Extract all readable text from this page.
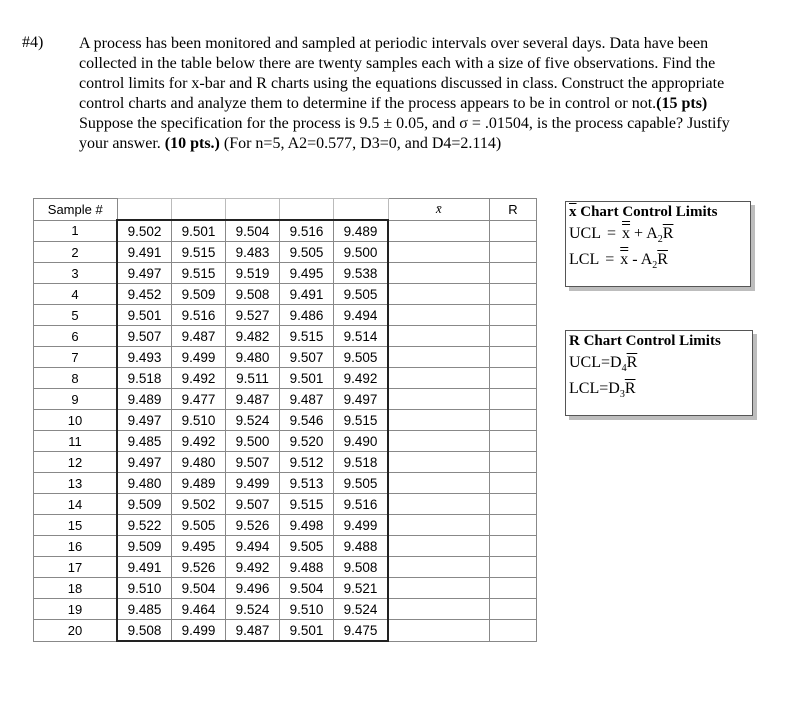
#4) A process has been monitored and sampled at periodic intervals over several days. Data have been collected in the table below there are twenty samples each with a size of five observations. Find the control limits for x-bar and R charts using the equations discussed in class. Construct the appropriate control charts and analyze them to determine if the process appears to be in control or not.(15 pts) Suppose the specification for the process is 9.5 ± 0.05, and σ = .01504, is the process capable? Justify your answer. (10 pts.) (For n=5, A2=0.577, D3=0, and D4=2.114)
Sample #						x̄	R
1	9.502	9.501	9.504	9.516	9.489		
2	9.491	9.515	9.483	9.505	9.500		
3	9.497	9.515	9.519	9.495	9.538		
4	9.452	9.509	9.508	9.491	9.505		
5	9.501	9.516	9.527	9.486	9.494		
6	9.507	9.487	9.482	9.515	9.514		
7	9.493	9.499	9.480	9.507	9.505		
8	9.518	9.492	9.511	9.501	9.492		
9	9.489	9.477	9.487	9.487	9.497		
10	9.497	9.510	9.524	9.546	9.515		
11	9.485	9.492	9.500	9.520	9.490		
12	9.497	9.480	9.507	9.512	9.518		
13	9.480	9.489	9.499	9.513	9.505		
14	9.509	9.502	9.507	9.515	9.516		
15	9.522	9.505	9.526	9.498	9.499		
16	9.509	9.495	9.494	9.505	9.488		
17	9.491	9.526	9.492	9.488	9.508		
18	9.510	9.504	9.496	9.504	9.521		
19	9.485	9.464	9.524	9.510	9.524		
20	9.508	9.499	9.487	9.501	9.475		
$\overline{x}$ Chart Control Limits
UCL = $x + A_2\overline{R}$
LCL = x - $A_2\overline{R}$
R Chart Control Limits
$UCL=D_4\overline{R}$
$LCL=D_3\overline{R}$
